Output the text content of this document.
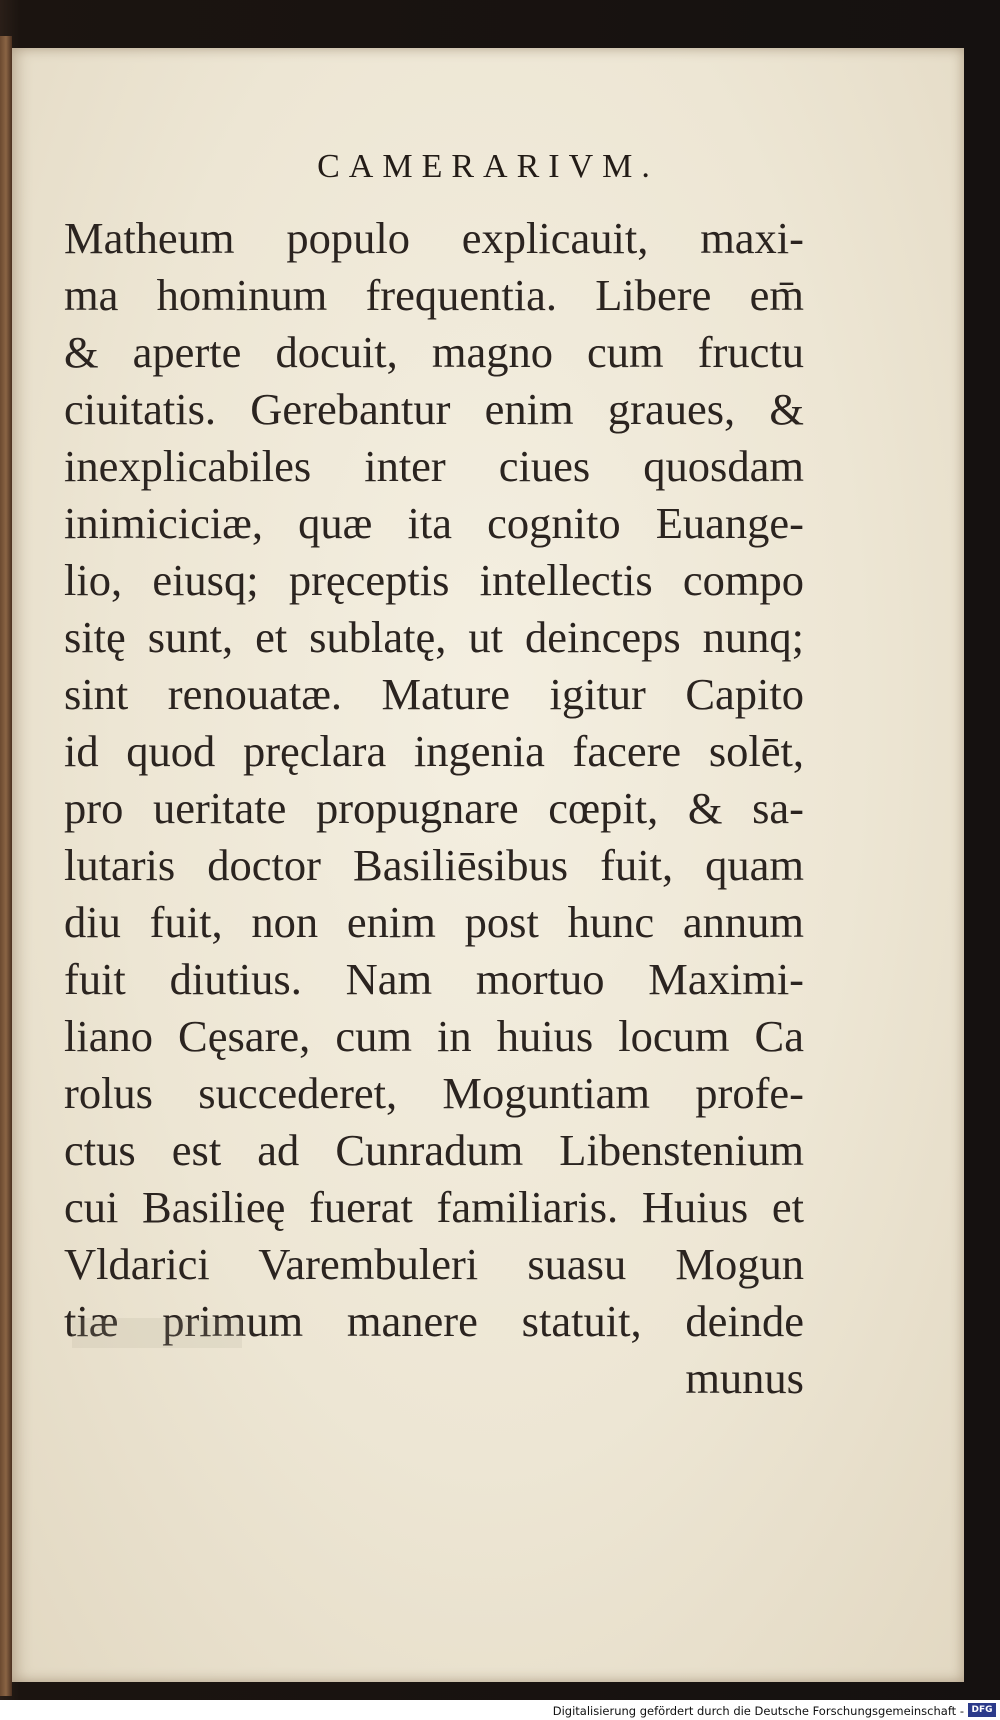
CAMERARIVM.
Matheum populo explicauit, maxi-
ma hominum frequentia. Libere em̄
& aperte docuit, magno cum fructu
ciuitatis. Gerebantur enim graues, &
inexplicabiles inter ciues quosdam
inimiciciæ, quæ ita cognito Euange-
lio, eiusq; pręceptis intellectis compo
sitę sunt, et sublatę, ut deinceps nunq;
sint renouatæ. Mature igitur Capito
id quod pręclara ingenia facere solēt,
pro ueritate propugnare cœpit, & sa-
lutaris doctor Basiliēsibus fuit, quam
diu fuit, non enim post hunc annum
fuit diutius. Nam mortuo Maximi-
liano Cęsare, cum in huius locum Ca
rolus succederet, Moguntiam profe-
ctus est ad Cunradum Libenstenium
cui Basilieę fuerat familiaris. Huius et
Vldarici Varembuleri suasu Mogun
tiæ primum manere statuit, deinde
munus
Digitalisierung gefördert durch die Deutsche Forschungsgemeinschaft - DFG
